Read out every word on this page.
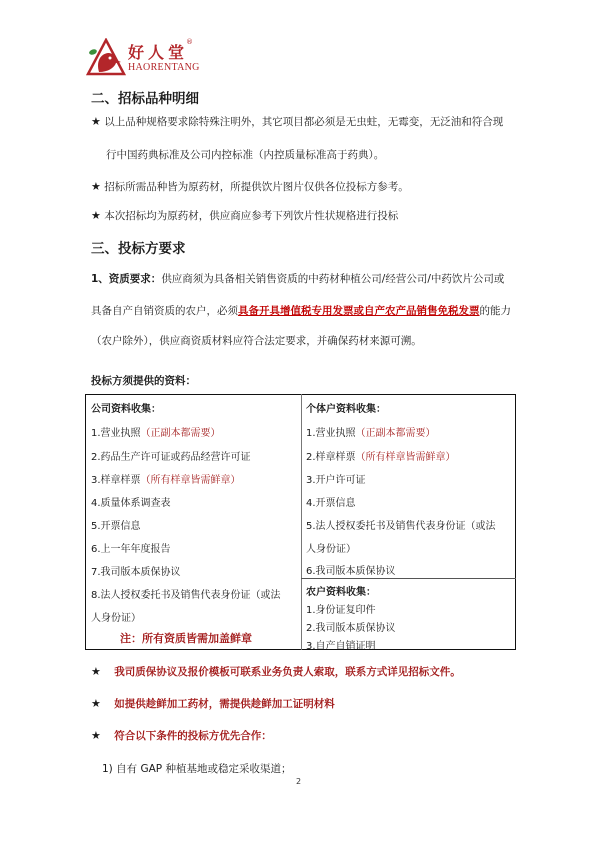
好人堂
®
HAORENTANG
二、招标品种明细
★ 以上品种规格要求除特殊注明外，其它项目都必须是无虫蛀，无霉变，无泛油和符合现
行中国药典标准及公司内控标准（内控质量标准高于药典）。
★ 招标所需品种皆为原药材，所提供饮片图片仅供各位投标方参考。
★ 本次招标均为原药材，供应商应参考下列饮片性状规格进行投标
三、投标方要求
1、资质要求：供应商须为具备相关销售资质的中药材种植公司/经营公司/中药饮片公司或
具备自产自销资质的农户，必须具备开具增值税专用发票或自产农产品销售免税发票的能力
（农户除外），供应商资质材料应符合法定要求，并确保药材来源可溯。
投标方须提供的资料：
公司资料收集：
1.营业执照（正副本都需要）
2.药品生产许可证或药品经营许可证
3.样章样票（所有样章皆需鲜章）
4.质量体系调查表
5.开票信息
6.上一年年度报告
7.我司版本质保协议
8.法人授权委托书及销售代表身份证（或法
人身份证）
注：所有资质皆需加盖鲜章
个体户资料收集：
1.营业执照（正副本都需要）
2.样章样票（所有样章皆需鲜章）
3.开户许可证
4.开票信息
5.法人授权委托书及销售代表身份证（或法
人身份证）
6.我司版本质保协议
农户资料收集：
1.身份证复印件
2.我司版本质保协议
3.自产自销证明
★ 我司质保协议及报价模板可联系业务负责人索取，联系方式详见招标文件。
★ 如提供趁鲜加工药材，需提供趁鲜加工证明材料
★ 符合以下条件的投标方优先合作：
1) 自有 GAP 种植基地或稳定采收渠道；
2
